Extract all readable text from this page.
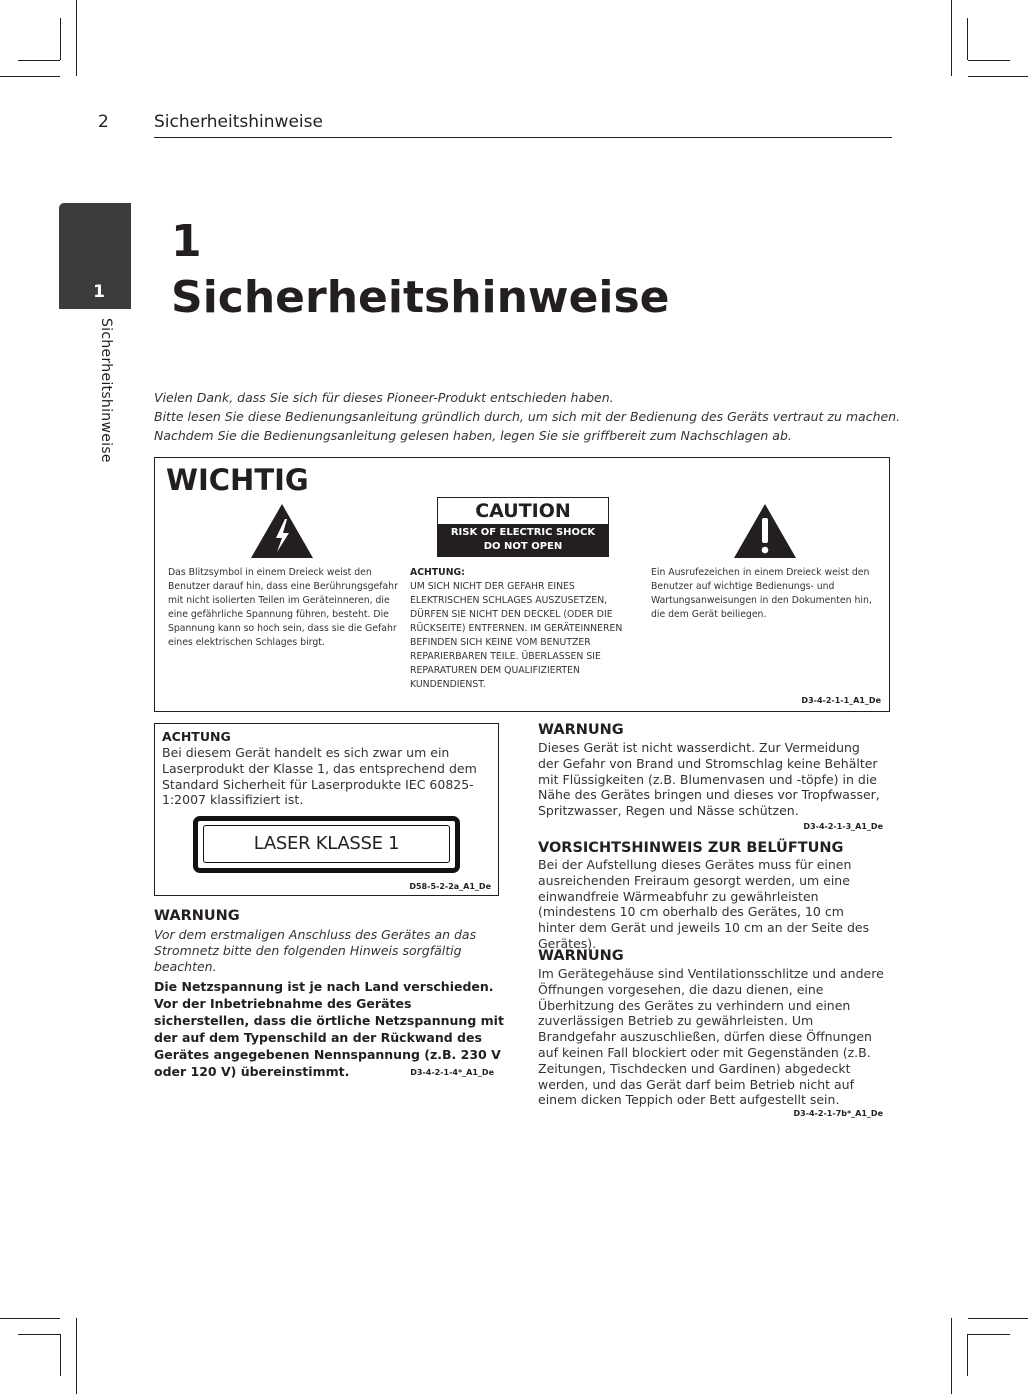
2	Sicherheitshinweise
1
Sicherheitshinweise
1
Sicherheitshinweise
Vielen Dank, dass Sie sich für dieses Pioneer-Produkt entschieden haben.
Bitte lesen Sie diese Bedienungsanleitung gründlich durch, um sich mit der Bedienung des Geräts vertraut zu machen.
Nachdem Sie die Bedienungsanleitung gelesen haben, legen Sie sie griffbereit zum Nachschlagen ab.
WICHTIG
CAUTION
RISK OF ELECTRIC SHOCK
DO NOT OPEN
Das Blitzsymbol in einem Dreieck weist den Benutzer darauf hin, dass eine Berührungsgefahr mit nicht isolierten Teilen im Geräteinneren, die eine gefährliche Spannung führen, besteht. Die Spannung kann so hoch sein, dass sie die Gefahr eines elektrischen Schlages birgt.
ACHTUNG:
UM SICH NICHT DER GEFAHR EINES ELEKTRISCHEN SCHLAGES AUSZUSETZEN, DÜRFEN SIE NICHT DEN DECKEL (ODER DIE RÜCKSEITE) ENTFERNEN. IM GERÄTEINNEREN BEFINDEN SICH KEINE VOM BENUTZER REPARIERBAREN TEILE. ÜBERLASSEN SIE REPARATUREN DEM QUALIFIZIERTEN KUNDENDIENST.
Ein Ausrufezeichen in einem Dreieck weist den Benutzer auf wichtige Bedienungs- und Wartungsanweisungen in den Dokumenten hin, die dem Gerät beiliegen.
D3-4-2-1-1_A1_De
ACHTUNG
Bei diesem Gerät handelt es sich zwar um ein Laserprodukt der Klasse 1, das entsprechend dem Standard Sicherheit für Laserprodukte IEC 60825-1:2007 klassifiziert ist.
LASER KLASSE 1
D58-5-2-2a_A1_De
WARNUNG
Vor dem erstmaligen Anschluss des Gerätes an das Stromnetz bitte den folgenden Hinweis sorgfältig beachten.
Die Netzspannung ist je nach Land verschieden. Vor der Inbetriebnahme des Gerätes sicherstellen, dass die örtliche Netzspannung mit der auf dem Typenschild an der Rückwand des Gerätes angegebenen Nennspannung (z.B. 230 V oder 120 V) übereinstimmt.	D3-4-2-1-4*_A1_De
WARNUNG
Dieses Gerät ist nicht wasserdicht. Zur Vermeidung der Gefahr von Brand und Stromschlag keine Behälter mit Flüssigkeiten (z.B. Blumenvasen und -töpfe) in die Nähe des Gerätes bringen und dieses vor Tropfwasser, Spritzwasser, Regen und Nässe schützen.
D3-4-2-1-3_A1_De
VORSICHTSHINWEIS ZUR BELÜFTUNG
Bei der Aufstellung dieses Gerätes muss für einen ausreichenden Freiraum gesorgt werden, um eine einwandfreie Wärmeabfuhr zu gewährleisten (mindestens 10 cm oberhalb des Gerätes, 10 cm hinter dem Gerät und jeweils 10 cm an der Seite des Gerätes).
WARNUNG
Im Gerätegehäuse sind Ventilationsschlitze und andere Öffnungen vorgesehen, die dazu dienen, eine Überhitzung des Gerätes zu verhindern und einen zuverlässigen Betrieb zu gewährleisten. Um Brandgefahr auszuschließen, dürfen diese Öffnungen auf keinen Fall blockiert oder mit Gegenständen (z.B. Zeitungen, Tischdecken und Gardinen) abgedeckt werden, und das Gerät darf beim Betrieb nicht auf einem dicken Teppich oder Bett aufgestellt sein.
D3-4-2-1-7b*_A1_De
